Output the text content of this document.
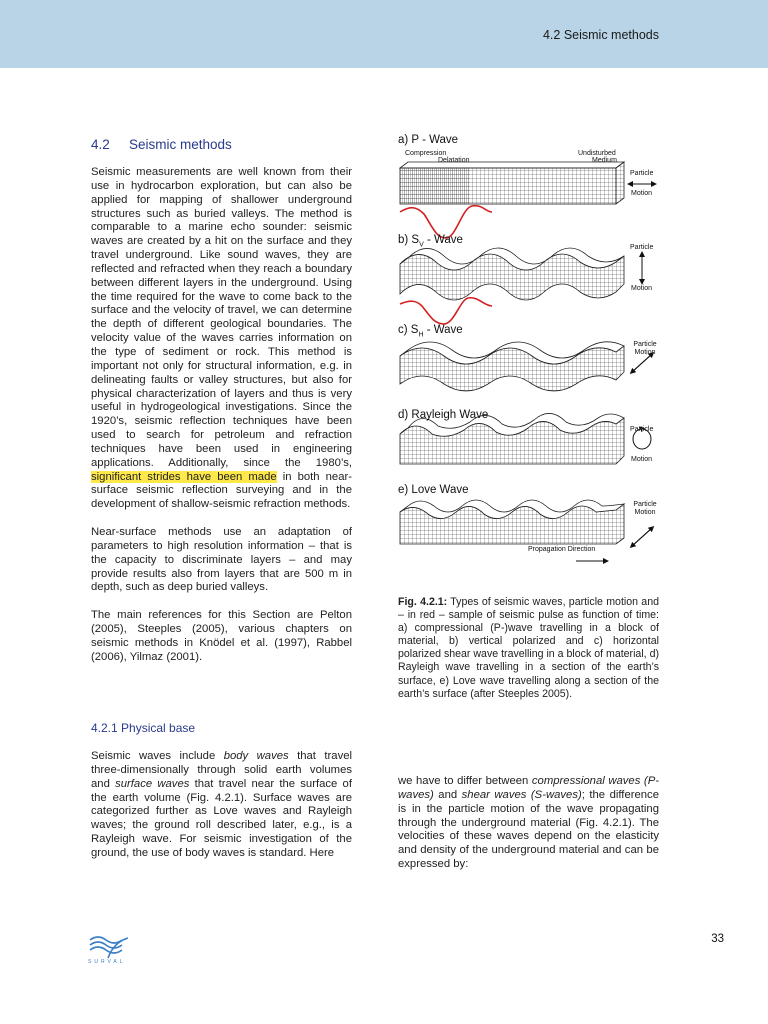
4.2 Seismic methods
4.2 Seismic methods

Seismic measurements are well known from their use in hydrocarbon exploration, but can also be applied for mapping of shallower underground structures such as buried valleys. The method is comparable to a marine echo sounder: seismic waves are created by a hit on the surface and they travel underground. Like sound waves, they are reflected and refracted when they reach a boundary between different layers in the underground. Using the time required for the wave to come back to the surface and the velocity of travel, we can determine the depth of different geological boundaries. The velocity value of the waves carries information on the type of sediment or rock. This method is important not only for structural information, e.g. in delineating faults or valley structures, but also for physical characterization of layers and thus is very useful in hydrogeological investigations. Since the 1920’s, seismic reflection techniques have been used to search for petroleum and refraction techniques have been used in engineering applications. Additionally, since the 1980’s, significant strides have been made in both near-surface seismic reflection surveying and in the development of shallow-seismic refraction methods.

Near-surface methods use an adaptation of parameters to high resolution information – that is the capacity to discriminate layers – and may provide results also from layers that are 500 m in depth, such as deep buried valleys.

The main references for this Section are Pelton (2005), Steeples (2005), various chapters on seismic methods in Knödel et al. (1997), Rabbel (2006), Yilmaz (2001).

4.2.1 Physical base

Seismic waves include body waves that travel three-dimensionally through solid earth volumes and surface waves that travel near the surface of the earth volume (Fig. 4.2.1). Surface waves are categorized further as Love waves and Rayleigh waves; the ground roll described later, e.g., is a Rayleigh wave. For seismic investigation of the ground, the use of body waves is standard. Here

a) P - Wave
b) $S_V$ - Wave
c) $S_H$ - Wave
d) Rayleigh Wave
e) Love Wave
Compression
Delatation
Undisturbed
Medium
Particle
Motion
Particle
Motion
Particle Motion
Particle
Motion
Particle Motion
Propagation Direction
Fig. 4.2.1: Types of seismic waves, particle motion and – in red – sample of seismic pulse as function of time: a) compressional (P-)wave travelling in a block of material, b) vertical polarized and c) horizontal polarized shear wave travelling in a block of material, d) Rayleigh wave travelling in a section of the earth’s surface, e) Love wave travelling along a section of the earth’s surface (after Steeples 2005).

we have to differ between compressional waves (P-waves) and shear waves (S-waves); the difference is in the particle motion of the wave propagating through the underground material (Fig. 4.2.1). The velocities of these waves depend on the elasticity and density of the underground material and can be expressed by:

SURVAL
33
